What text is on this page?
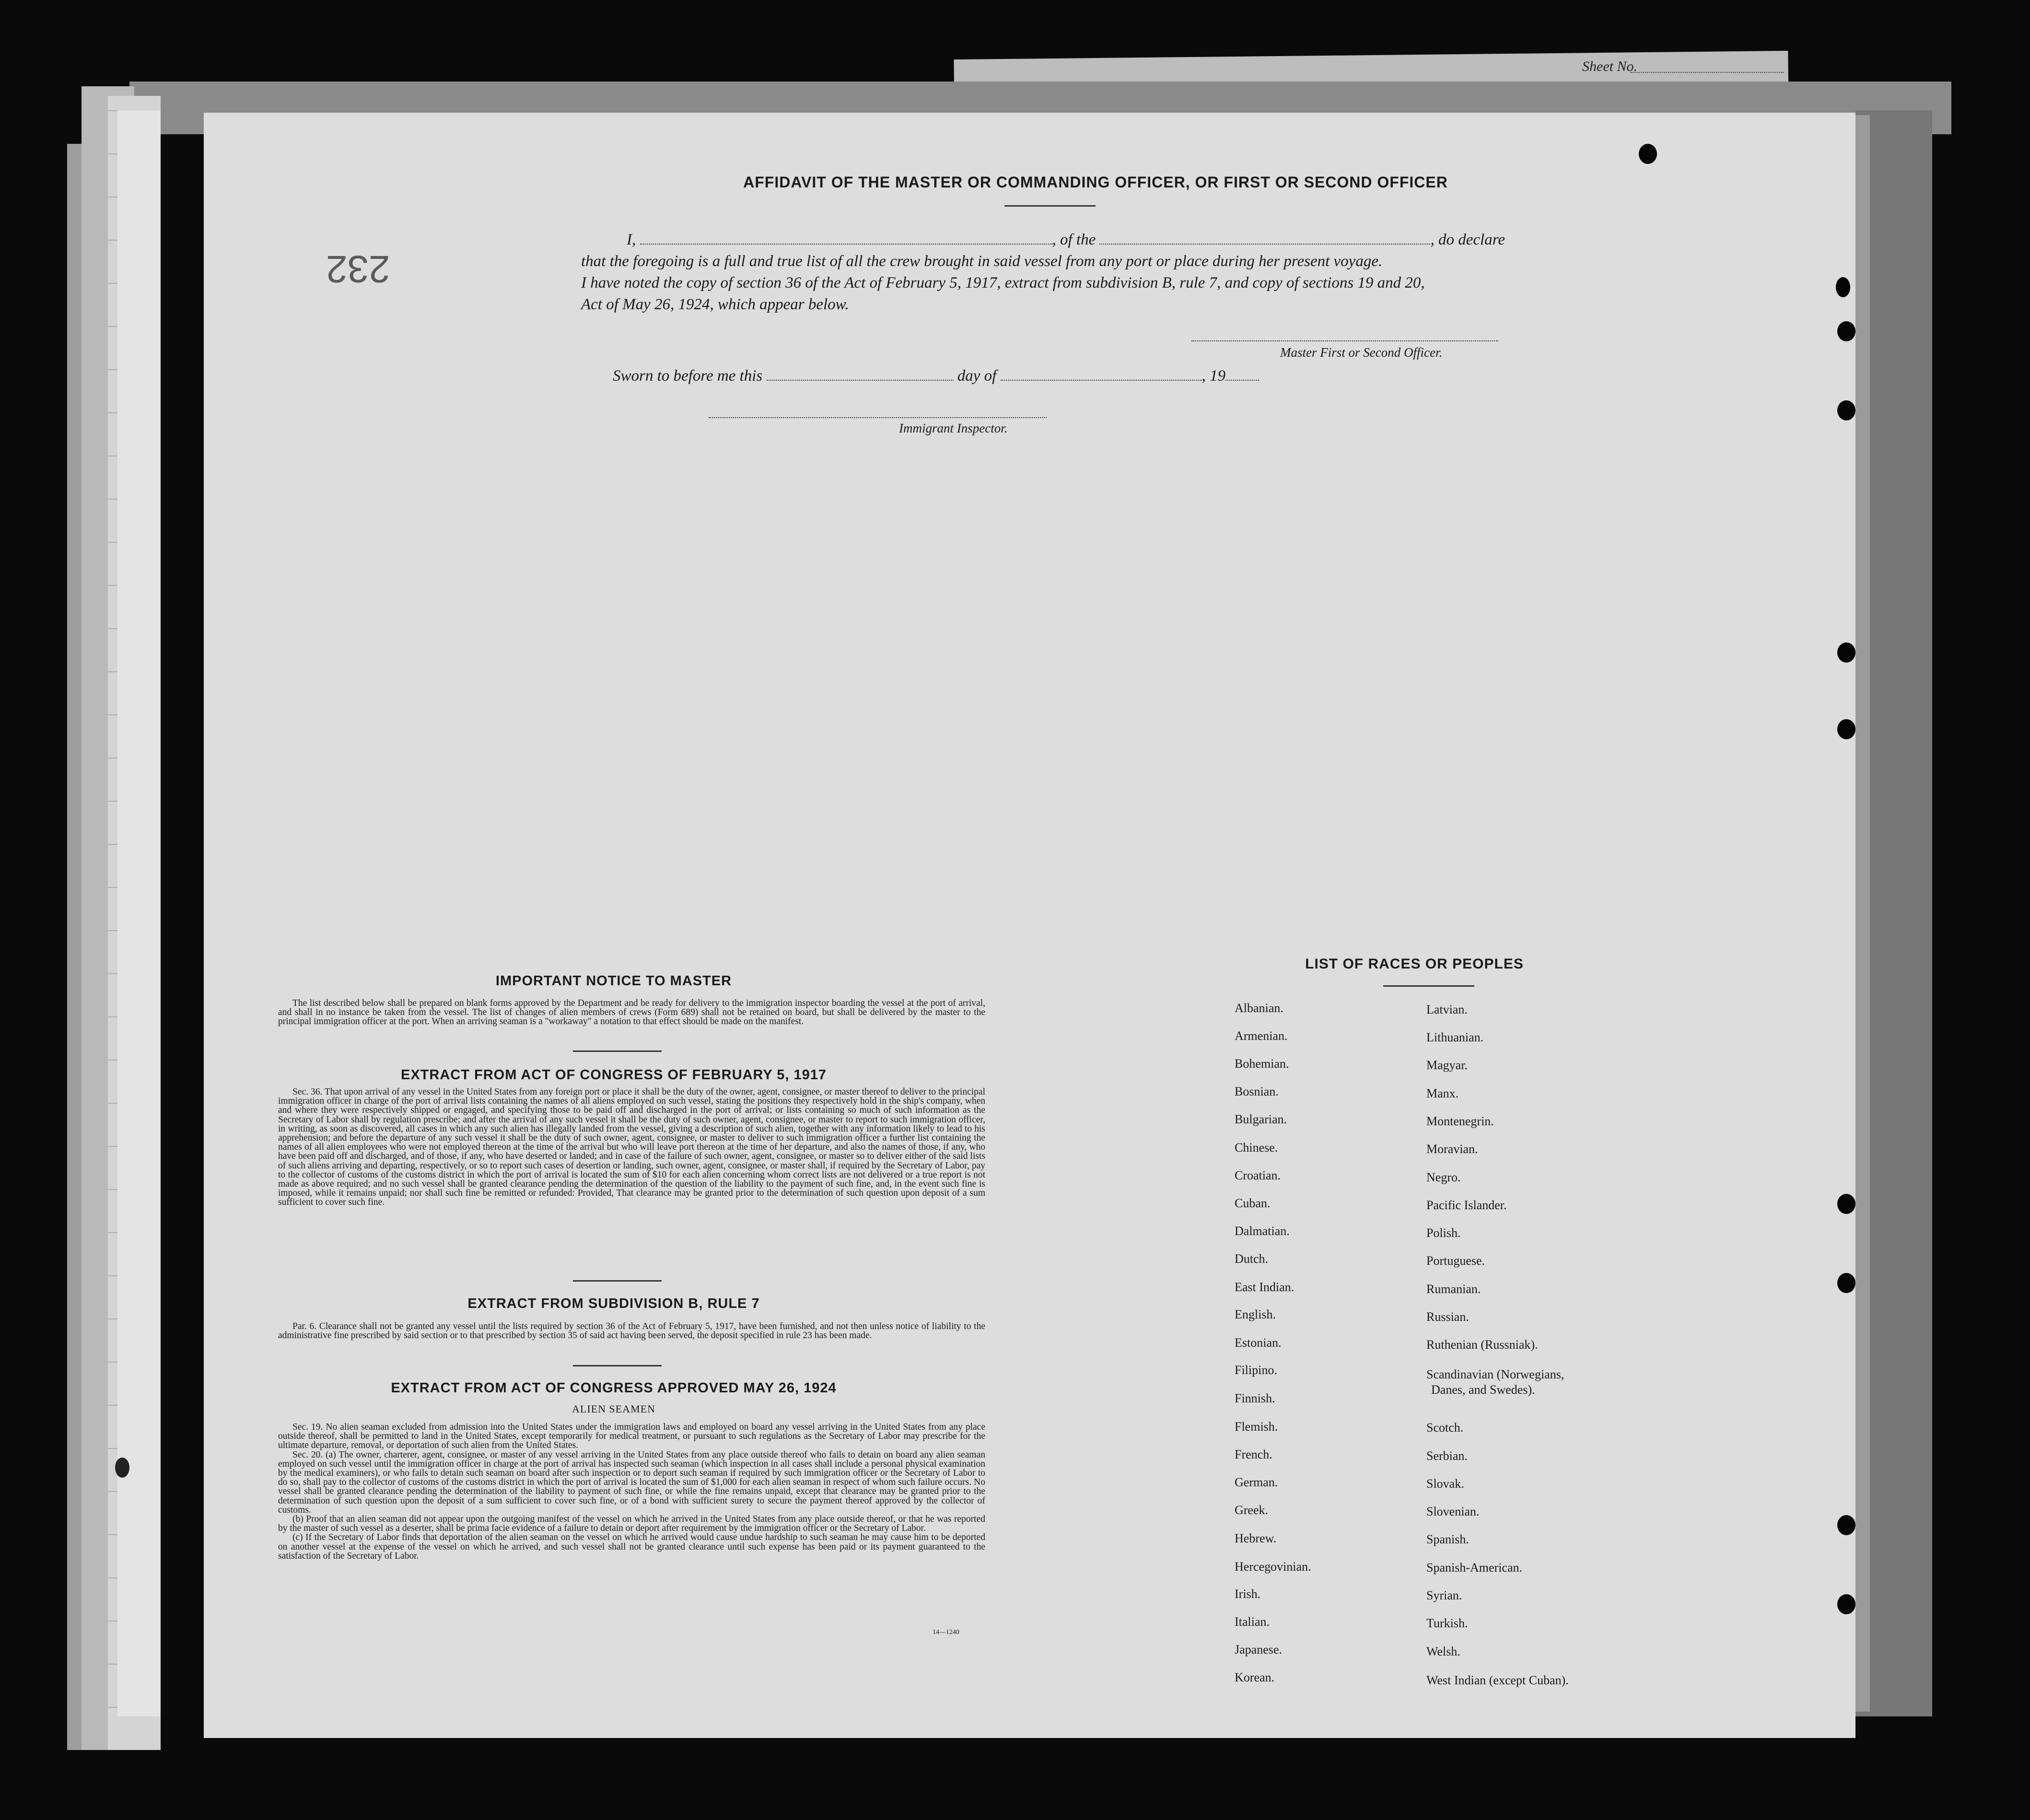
Sheet No.
232
AFFIDAVIT OF THE MASTER OR COMMANDING OFFICER, OR FIRST OR SECOND OFFICER
I,	, of the	, do declare
that the foregoing is a full and true list of all the crew brought in said vessel from any port or place during her present voyage.
I have noted the copy of section 36 of the Act of February 5, 1917, extract from subdivision B, rule 7, and copy of sections 19 and 20,
Act of May 26, 1924, which appear below.
Master First or Second Officer.
Sworn to before me this	day of	, 19
Immigrant Inspector.
IMPORTANT NOTICE TO MASTER

The list described below shall be prepared on blank forms approved by the Department and be ready for delivery to the immigration inspector boarding the vessel at the port of arrival, and shall in no instance be taken from the vessel. The list of changes of alien members of crews (Form 689) shall not be retained on board, but shall be delivered by the master to the principal immigration officer at the port. When an arriving seaman is a "workaway" a notation to that effect should be made on the manifest.

EXTRACT FROM ACT OF CONGRESS OF FEBRUARY 5, 1917

Sec. 36. That upon arrival of any vessel in the United States from any foreign port or place it shall be the duty of the owner, agent, consignee, or master thereof to deliver to the principal immigration officer in charge of the port of arrival lists containing the names of all aliens employed on such vessel, stating the positions they respectively hold in the ship's company, when and where they were respectively shipped or engaged, and specifying those to be paid off and discharged in the port of arrival; or lists containing so much of such information as the Secretary of Labor shall by regulation prescribe; and after the arrival of any such vessel it shall be the duty of such owner, agent, consignee, or master to report to such immigration officer, in writing, as soon as discovered, all cases in which any such alien has illegally landed from the vessel, giving a description of such alien, together with any information likely to lead to his apprehension; and before the departure of any such vessel it shall be the duty of such owner, agent, consignee, or master to deliver to such immigration officer a further list containing the names of all alien employees who were not employed thereon at the time of the arrival but who will leave port thereon at the time of her departure, and also the names of those, if any, who have been paid off and discharged, and of those, if any, who have deserted or landed; and in case of the failure of such owner, agent, consignee, or master so to deliver either of the said lists of such aliens arriving and departing, respectively, or so to report such cases of desertion or landing, such owner, agent, consignee, or master shall, if required by the Secretary of Labor, pay to the collector of customs of the customs district in which the port of arrival is located the sum of $10 for each alien concerning whom correct lists are not delivered or a true report is not made as above required; and no such vessel shall be granted clearance pending the determination of the question of the liability to the payment of such fine, and, in the event such fine is imposed, while it remains unpaid; nor shall such fine be remitted or refunded: Provided, That clearance may be granted prior to the determination of such question upon deposit of a sum sufficient to cover such fine.

EXTRACT FROM SUBDIVISION B, RULE 7

Par. 6. Clearance shall not be granted any vessel until the lists required by section 36 of the Act of February 5, 1917, have been furnished, and not then unless notice of liability to the administrative fine prescribed by said section or to that prescribed by section 35 of said act having been served, the deposit specified in rule 23 has been made.

EXTRACT FROM ACT OF CONGRESS APPROVED MAY 26, 1924
ALIEN SEAMEN

Sec. 19. No alien seaman excluded from admission into the United States under the immigration laws and employed on board any vessel arriving in the United States from any place outside thereof, shall be permitted to land in the United States, except temporarily for medical treatment, or pursuant to such regulations as the Secretary of Labor may prescribe for the ultimate departure, removal, or deportation of such alien from the United States.

Sec. 20. (a) The owner, charterer, agent, consignee, or master of any vessel arriving in the United States from any place outside thereof who fails to detain on board any alien seaman employed on such vessel until the immigration officer in charge at the port of arrival has inspected such seaman (which inspection in all cases shall include a personal physical examination by the medical examiners), or who fails to detain such seaman on board after such inspection or to deport such seaman if required by such immigration officer or the Secretary of Labor to do so, shall pay to the collector of customs of the customs district in which the port of arrival is located the sum of $1,000 for each alien seaman in respect of whom such failure occurs. No vessel shall be granted clearance pending the determination of the liability to payment of such fine, or while the fine remains unpaid, except that clearance may be granted prior to the determination of such question upon the deposit of a sum sufficient to cover such fine, or of a bond with sufficient surety to secure the payment thereof approved by the collector of customs.

(b) Proof that an alien seaman did not appear upon the outgoing manifest of the vessel on which he arrived in the United States from any place outside thereof, or that he was reported by the master of such vessel as a deserter, shall be prima facie evidence of a failure to detain or deport after requirement by the immigration officer or the Secretary of Labor.

(c) If the Secretary of Labor finds that deportation of the alien seaman on the vessel on which he arrived would cause undue hardship to such seaman he may cause him to be deported on another vessel at the expense of the vessel on which he arrived, and such vessel shall not be granted clearance until such expense has been paid or its payment guaranteed to the satisfaction of the Secretary of Labor.

14—1240
LIST OF RACES OR PEOPLES
Albanian.
Armenian.
Bohemian.
Bosnian.
Bulgarian.
Chinese.
Croatian.
Cuban.
Dalmatian.
Dutch.
East Indian.
English.
Estonian.
Filipino.
Finnish.
Flemish.
French.
German.
Greek.
Hebrew.
Hercegovinian.
Irish.
Italian.
Japanese.
Korean.
Latvian.
Lithuanian.
Magyar.
Manx.
Montenegrin.
Moravian.
Negro.
Pacific Islander.
Polish.
Portuguese.
Rumanian.
Russian.
Ruthenian (Russniak).
Scandinavian (Norwegians,
Danes, and Swedes).
Scotch.
Serbian.
Slovak.
Slovenian.
Spanish.
Spanish-American.
Syrian.
Turkish.
Welsh.
West Indian (except Cuban).
